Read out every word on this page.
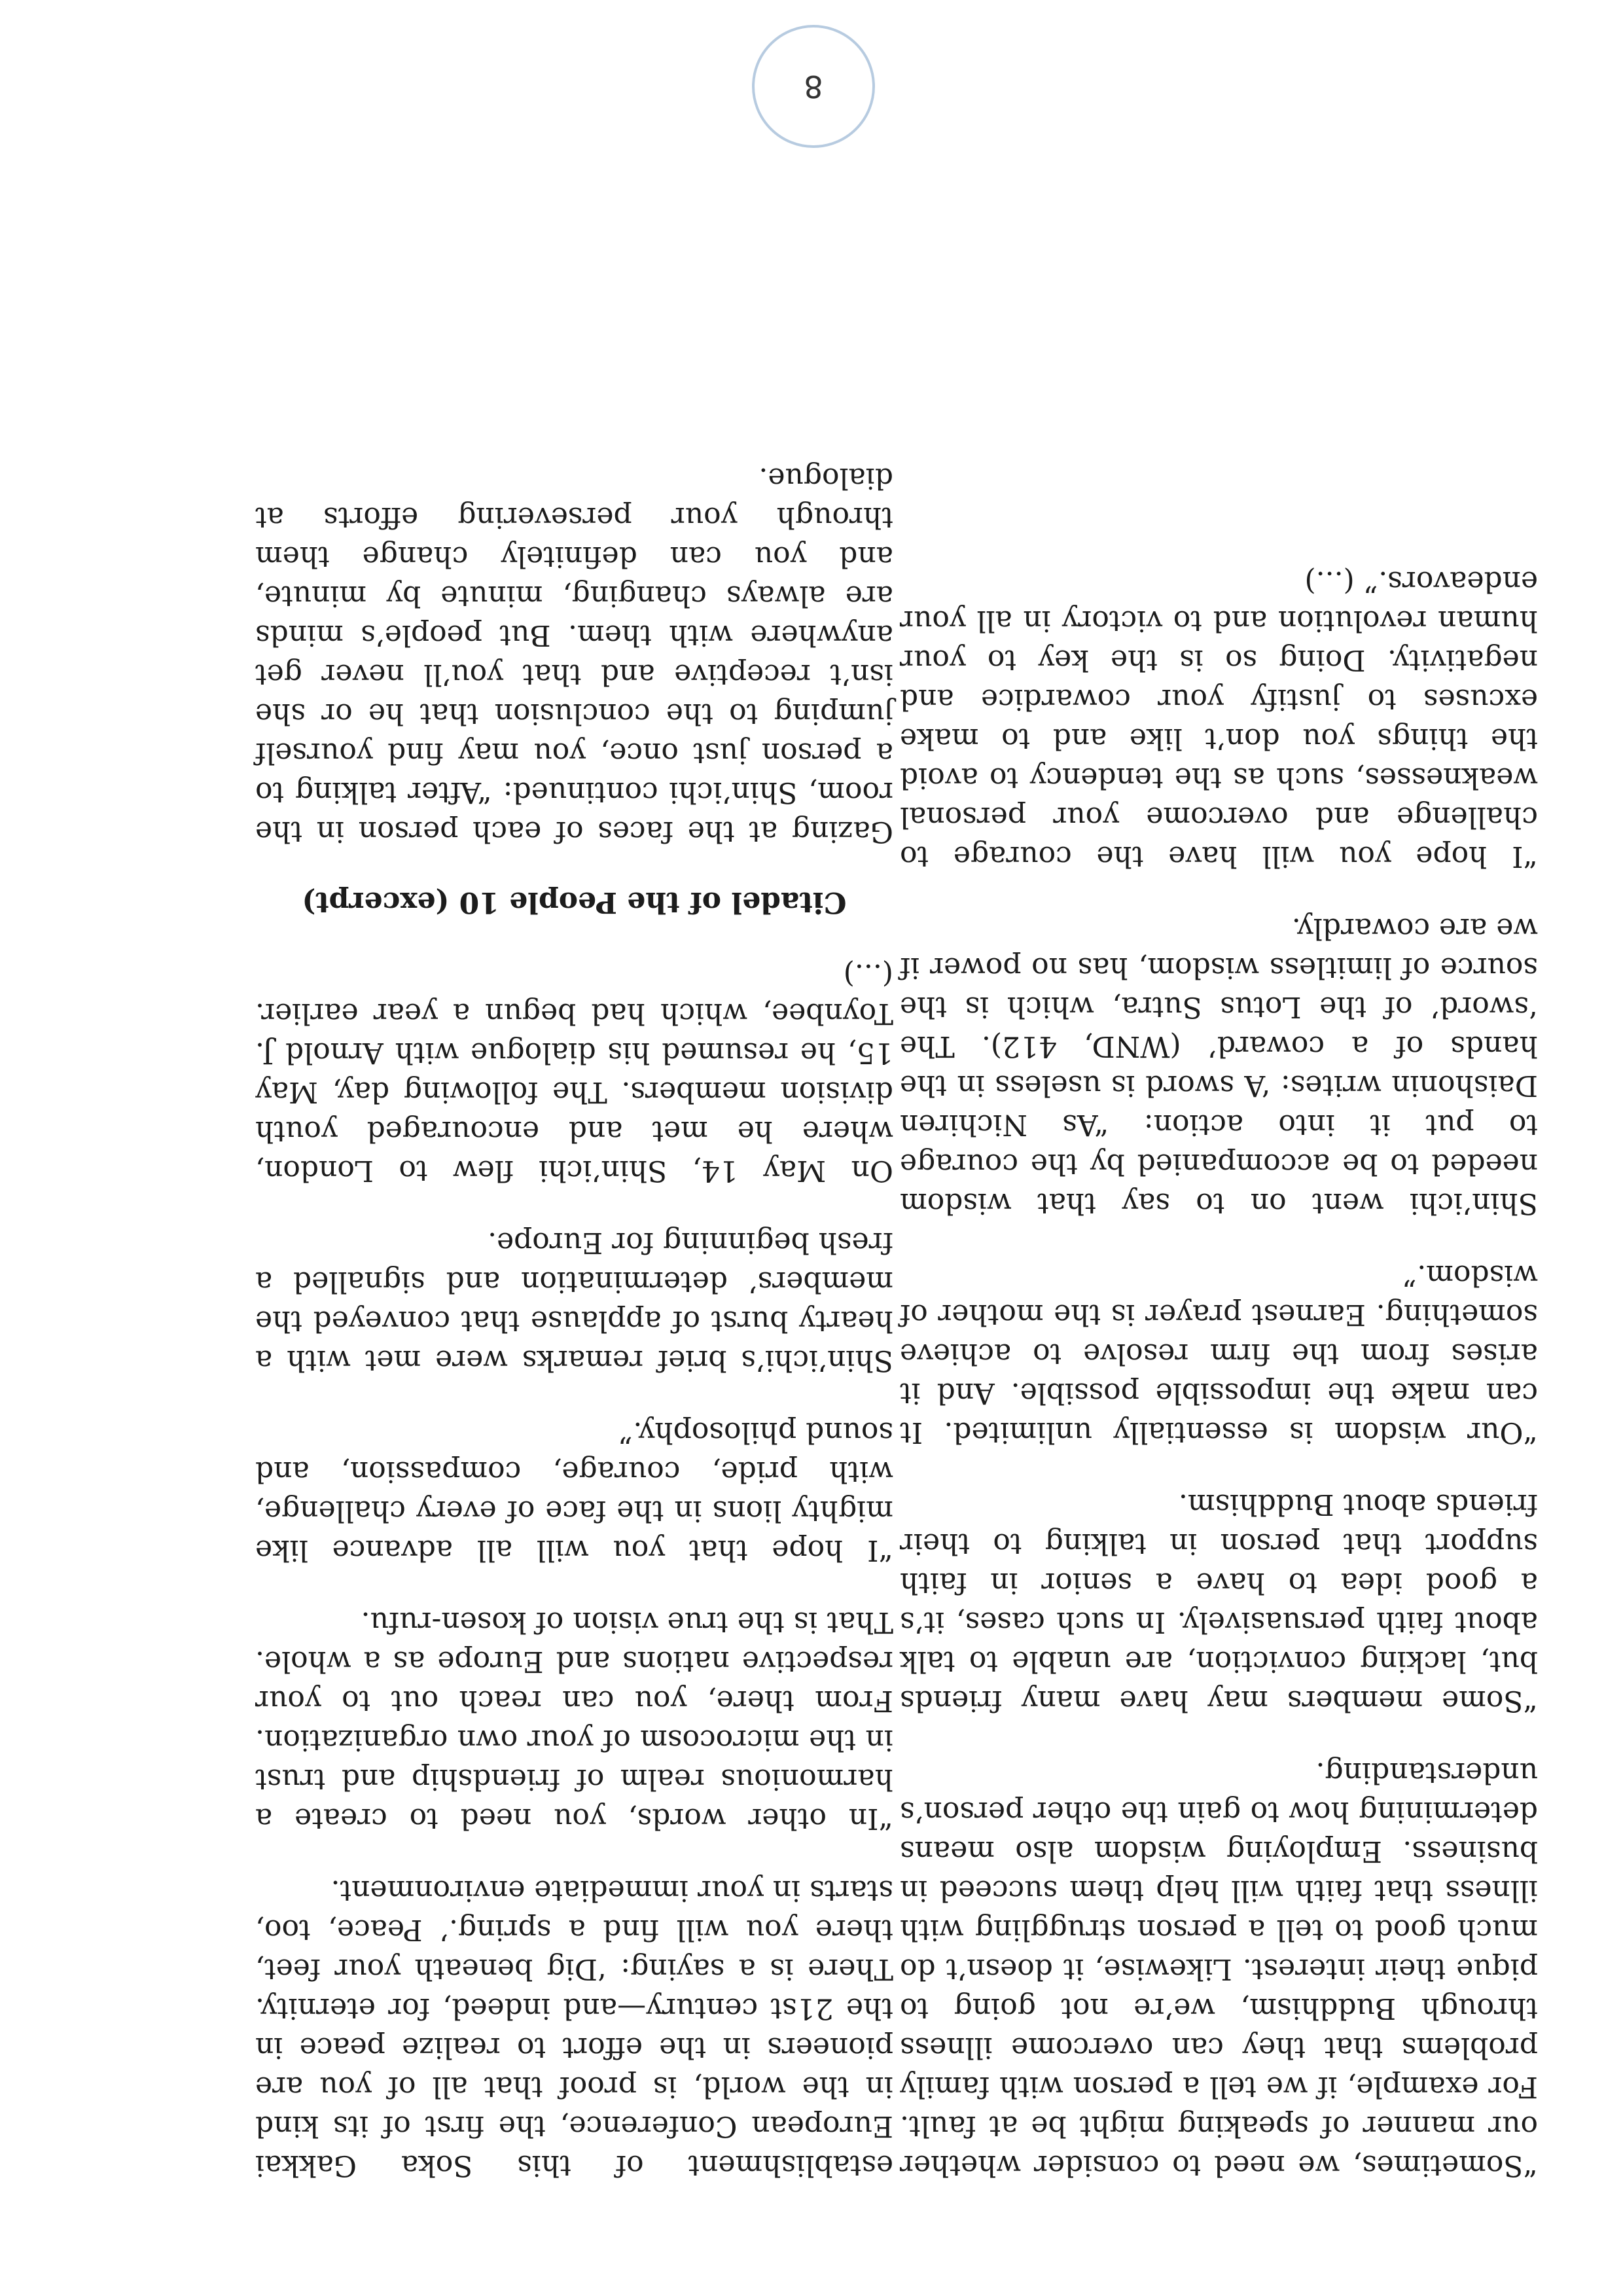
8

establishment of this Soka Gakkai European Conference, the first of its kind in the world, is proof that all of you are pioneers in the effort to realize peace in the 21st century—and indeed, for eternity. There is a saying: ‘Dig beneath your feet, there you will find a spring.’ Peace, too, starts in your immediate environment.

“In other words, you need to create a harmonious realm of friendship and trust in the microcosm of your own organization. From there, you can reach out to your respective nations and Europe as a whole. That is the true vision of kosen-rufu.

“I hope that you will all advance like mighty lions in the face of every challenge, with pride, courage, compassion, and sound philosophy.”

Shin’ichi’s brief remarks were met with a hearty burst of applause that conveyed the members’ determination and signalled a fresh beginning for Europe.

On May 14, Shin’ichi flew to London, where he met and encouraged youth division members. The following day, May 15, he resumed his dialogue with Arnold J. Toynbee, which had begun a year earlier. (...)

Citadel of the People 10 (excerpt)

Gazing at the faces of each person in the room, Shin’ichi continued: “After talking to a person just once, you may find yourself jumping to the conclusion that he or she isn’t receptive and that you’ll never get anywhere with them. But people’s minds are always changing, minute by minute, and you can definitely change them through your persevering efforts at dialogue.

“Sometimes, we need to consider whether our manner of speaking might be at fault. For example, if we tell a person with family problems that they can overcome illness through Buddhism, we’re not going to pique their interest. Likewise, it doesn’t do much good to tell a person struggling with illness that faith will help them succeed in business. Employing wisdom also means determining how to gain the other person’s understanding.

“Some members may have many friends but, lacking conviction, are unable to talk about faith persuasively. In such cases, it’s a good idea to have a senior in faith support that person in talking to their friends about Buddhism.

“Our wisdom is essentially unlimited. It can make the impossible possible. And it arises from the firm resolve to achieve something. Earnest prayer is the mother of wisdom.”

Shin’ichi went on to say that wisdom needed to be accompanied by the courage to put it into action: “As Nichiren Daishonin writes: ‘A sword is useless in the hands of a coward’ (WND, 412). The ‘sword’ of the Lotus Sutra, which is the source of limitless wisdom, has no power if we are cowardly.

“I hope you will have the courage to challenge and overcome your personal weaknesses, such as the tendency to avoid the things you don’t like and to make excuses to justify your cowardice and negativity. Doing so is the key to your human revolution and to victory in all your endeavors.” (...)
